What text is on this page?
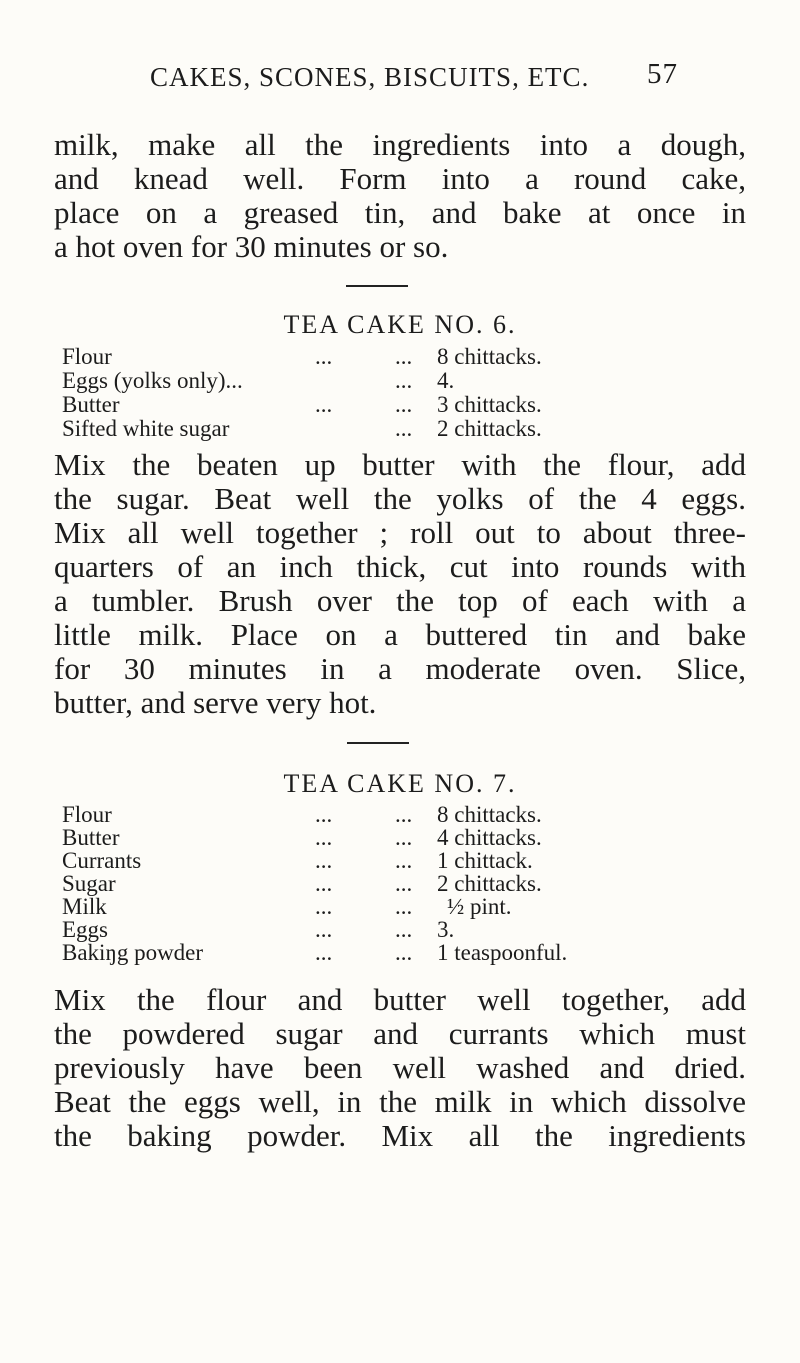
CAKES, SCONES, BISCUITS, ETC. 57
milk, make all the ingredients into a dough,
and knead well. Form into a round cake,
place on a greased tin, and bake at once in
a hot oven for 30 minutes or so.
TEA CAKE NO. 6.
Flour	...	... 8 chittacks.
Eggs (yolks only)...	... 4.
Butter	...	... 3 chittacks.
Sifted white sugar	... 2 chittacks.
Mix the beaten up butter with the flour, add
the sugar. Beat well the yolks of the 4 eggs.
Mix all well together ; roll out to about three-
quarters of an inch thick, cut into rounds with
a tumbler. Brush over the top of each with a
little milk. Place on a buttered tin and bake
for 30 minutes in a moderate oven. Slice,
butter, and serve very hot.
TEA CAKE NO. 7.
Flour	...	... 8 chittacks.
Butter	...	... 4 chittacks.
Currants	...	... 1 chittack.
Sugar	...	... 2 chittacks.
Milk	...	... ½ pint.
Eggs	...	... 3.
Bakiŋg powder	...	... 1 teaspoonful.
Mix the flour and butter well together, add
the powdered sugar and currants which must
previously have been well washed and dried.
Beat the eggs well, in the milk in which dissolve
the baking powder. Mix all the ingredients
